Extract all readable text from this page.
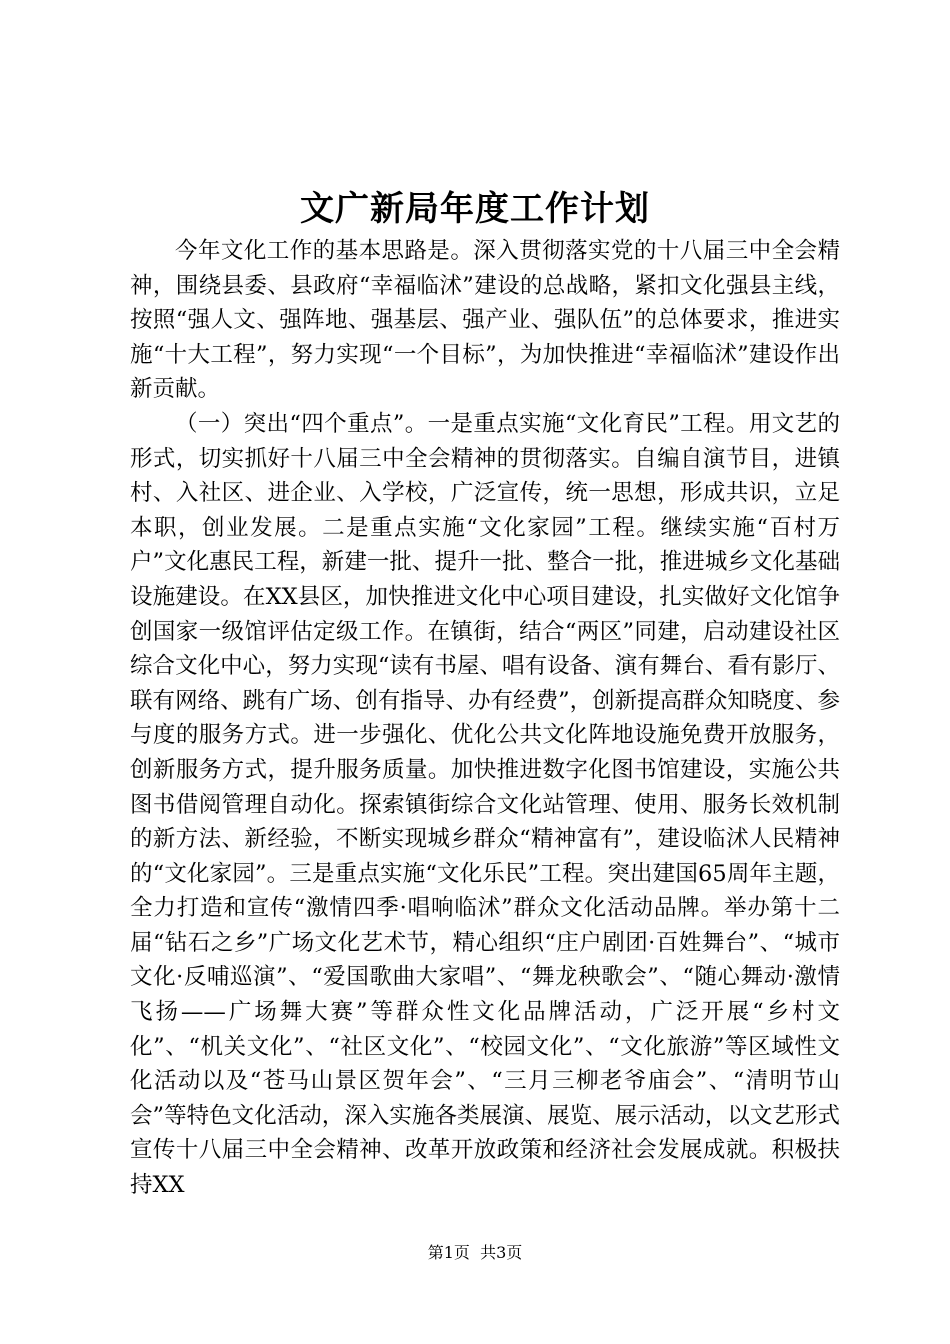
文广新局年度工作计划

今年文化工作的基本思路是。深入贯彻落实党的十八届三中全会精神，围绕县委、县政府“幸福临沭”建设的总战略，紧扣文化强县主线，按照“强人文、强阵地、强基层、强产业、强队伍”的总体要求，推进实施“十大工程”，努力实现“一个目标”，为加快推进“幸福临沭”建设作出新贡献。

（一）突出“四个重点”。一是重点实施“文化育民”工程。用文艺的形式，切实抓好十八届三中全会精神的贯彻落实。自编自演节目，进镇村、入社区、进企业、入学校，广泛宣传，统一思想，形成共识，立足本职，创业发展。二是重点实施“文化家园”工程。继续实施“百村万户”文化惠民工程，新建一批、提升一批、整合一批，推进城乡文化基础设施建设。在XX县区，加快推进文化中心项目建设，扎实做好文化馆争创国家一级馆评估定级工作。在镇街，结合“两区”同建，启动建设社区综合文化中心，努力实现“读有书屋、唱有设备、演有舞台、看有影厅、联有网络、跳有广场、创有指导、办有经费”，创新提高群众知晓度、参与度的服务方式。进一步强化、优化公共文化阵地设施免费开放服务，创新服务方式，提升服务质量。加快推进数字化图书馆建设，实施公共图书借阅管理自动化。探索镇街综合文化站管理、使用、服务长效机制的新方法、新经验，不断实现城乡群众“精神富有”，建设临沭人民精神的“文化家园”。三是重点实施“文化乐民”工程。突出建国65周年主题，全力打造和宣传“激情四季·唱响临沭”群众文化活动品牌。举办第十二届“钻石之乡”广场文化艺术节，精心组织“庄户剧团·百姓舞台”、“城市文化·反哺巡演”、“爱国歌曲大家唱”、“舞龙秧歌会”、“随心舞动·激情飞扬——广场舞大赛”等群众性文化品牌活动，广泛开展“乡村文化”、“机关文化”、“社区文化”、“校园文化”、“文化旅游”等区域性文化活动以及“苍马山景区贺年会”、“三月三柳老爷庙会”、“清明节山会”等特色文化活动，深入实施各类展演、展览、展示活动，以文艺形式宣传十八届三中全会精神、改革开放政策和经济社会发展成就。积极扶持XX

第1页  共3页
